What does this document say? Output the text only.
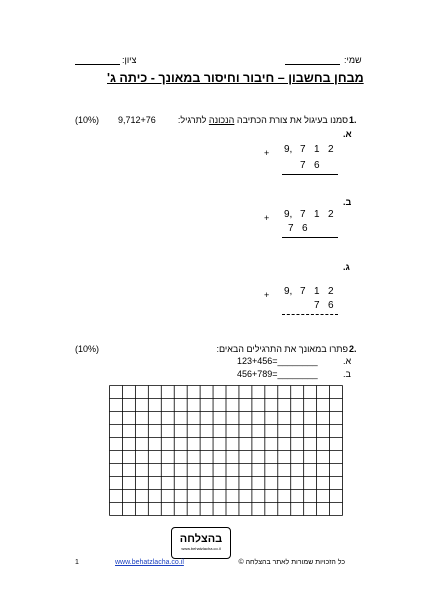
שמי:
ציון:
מבחן בחשבון – חיבור וחיסור במאונך - כיתה ג'
1.
סמנו בעיגול את צורת הכתיבה הנכונה לתרגיל:
9,712+76
(10%)
א.
+ 9, 7 1 2
7 6
ב.
+ 9, 7 1 2
7 6
ג.
+ 9, 7 1 2
7 6
2.
פתרו במאונך את התרגילים הבאים:
(10%)
א.
123+456=________
ב.
456+789=________
בהצלחה
www.behatzlacha.co.il
1	www.behatzlacha.co.il	כל הזכויות שמורות לאתר בהצלחה ©
